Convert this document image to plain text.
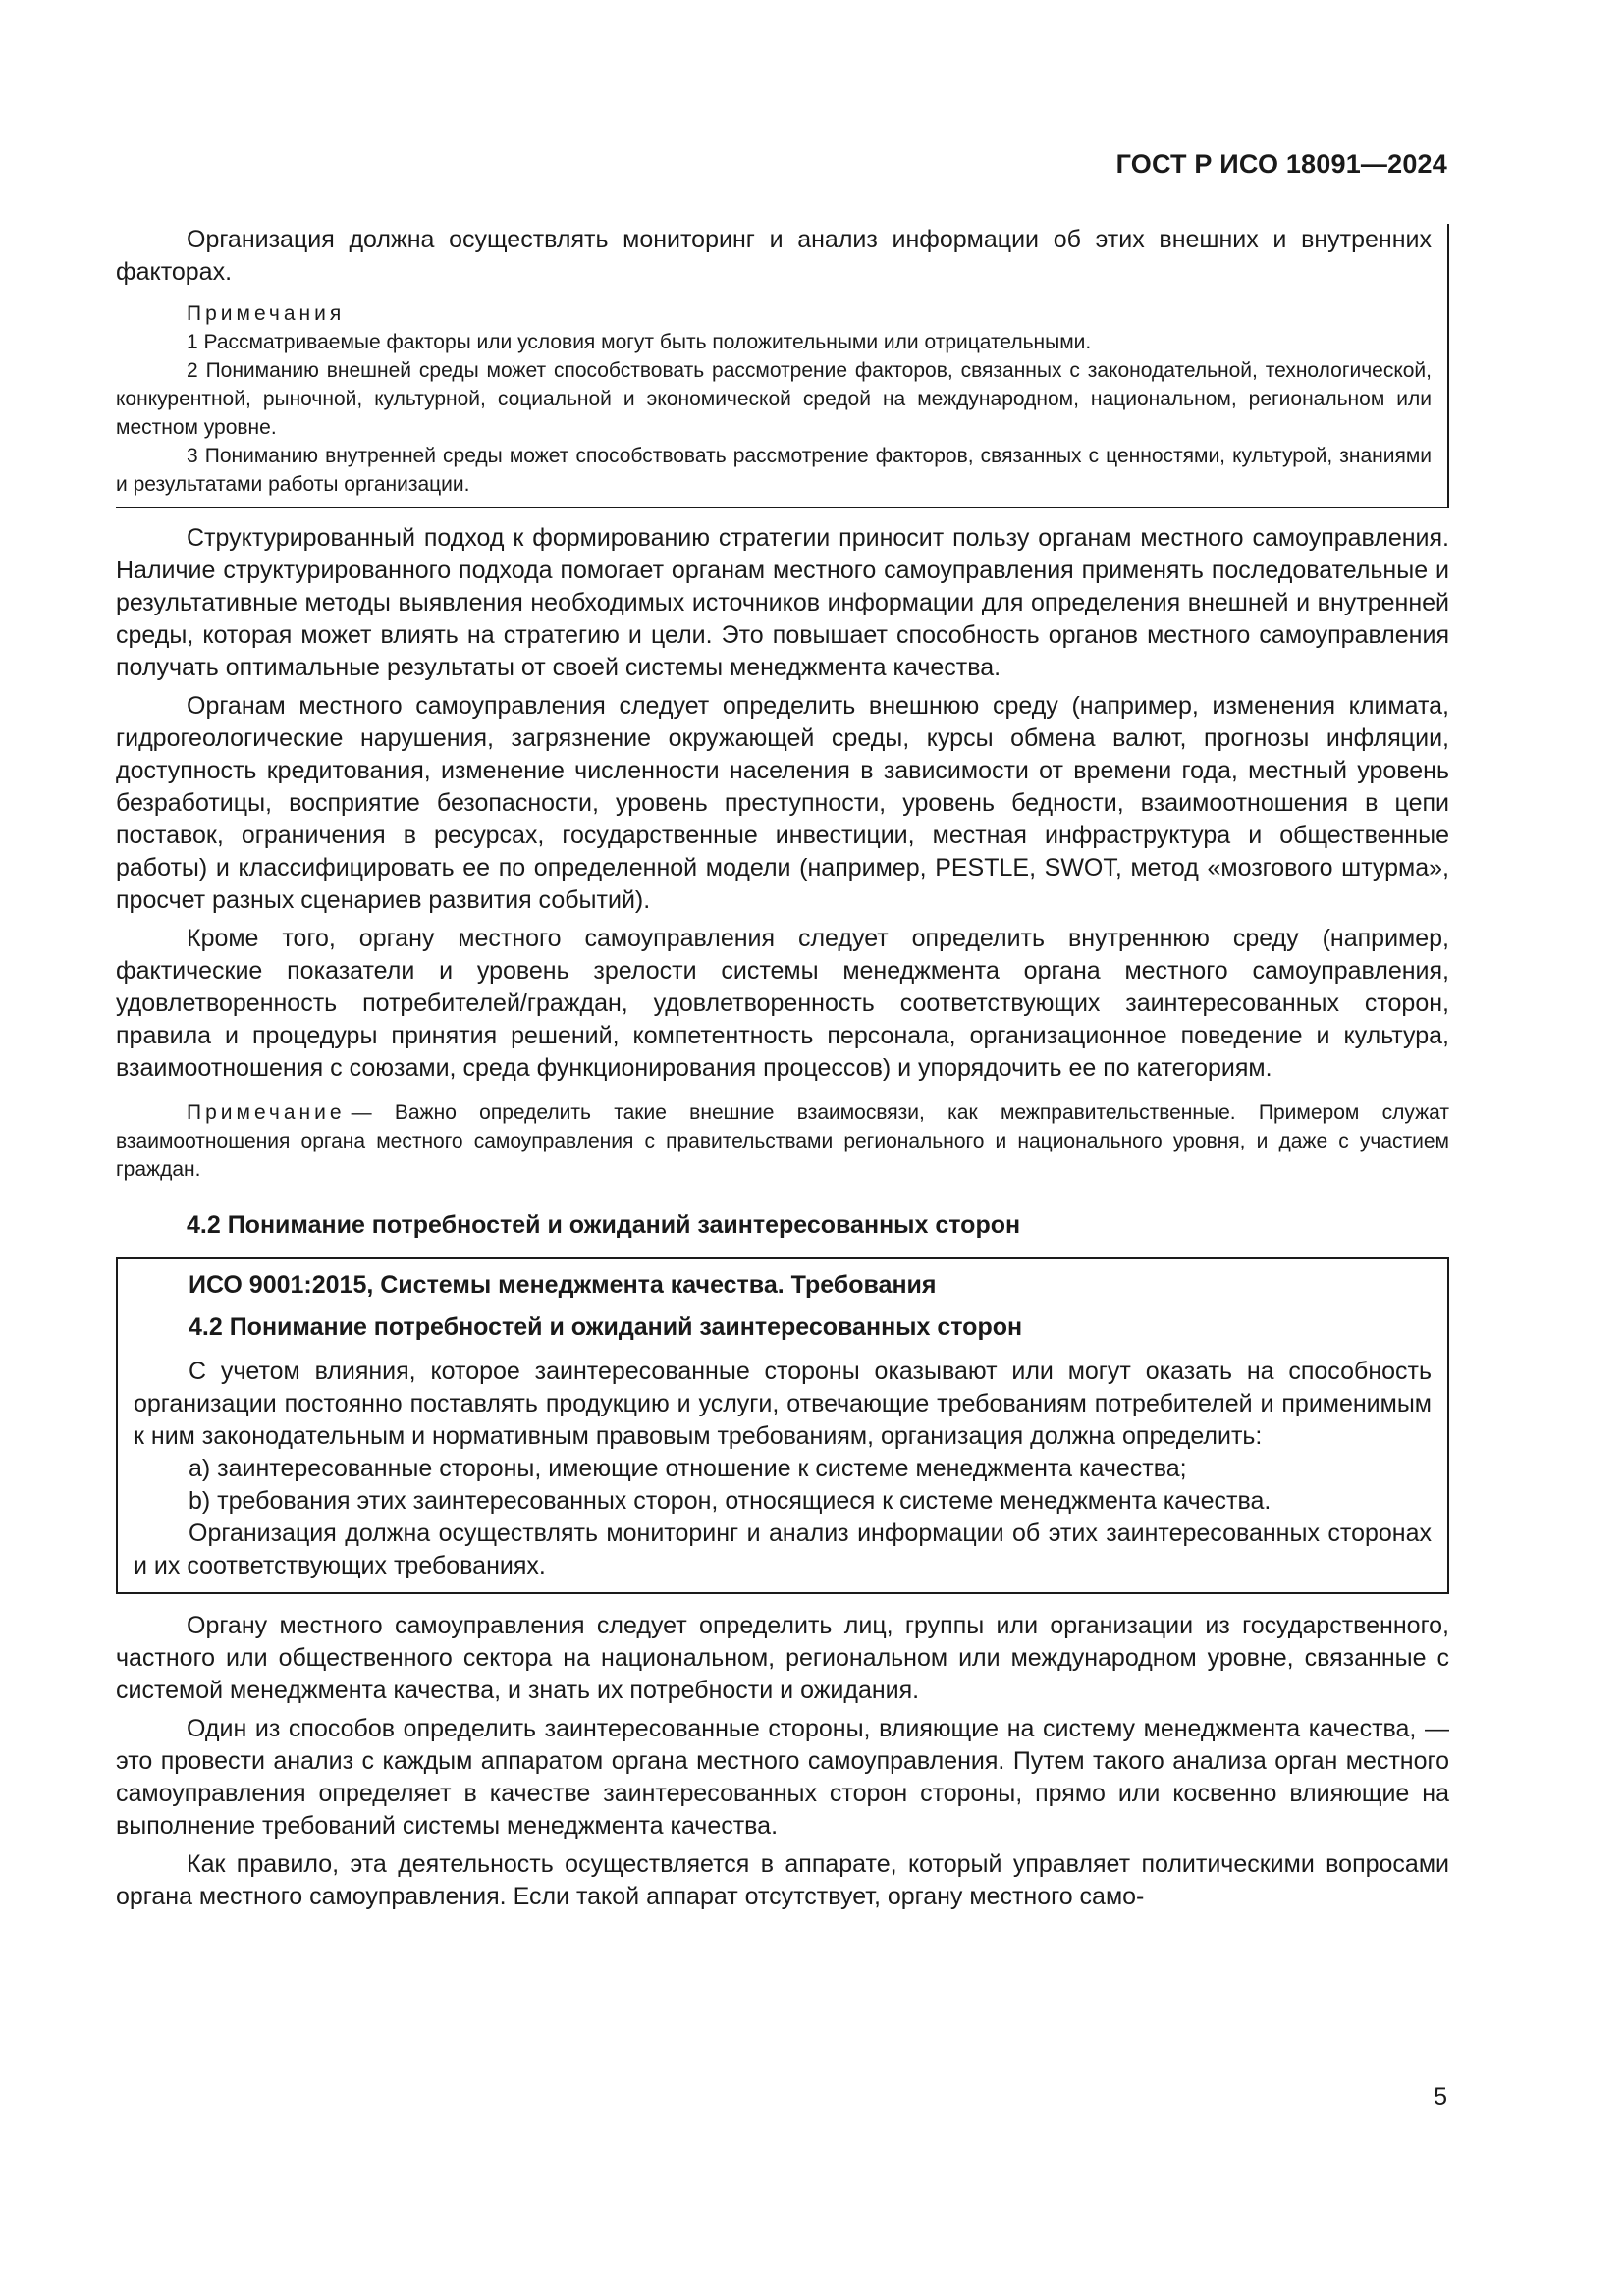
ГОСТ Р ИСО 18091—2024

Организация должна осуществлять мониторинг и анализ информации об этих внешних и внутренних факторах.

Примечания

1 Рассматриваемые факторы или условия могут быть положительными или отрицательными.

2 Пониманию внешней среды может способствовать рассмотрение факторов, связанных с законодательной, технологической, конкурентной, рыночной, культурной, социальной и экономической средой на международном, национальном, региональном или местном уровне.

3 Пониманию внутренней среды может способствовать рассмотрение факторов, связанных с ценностями, культурой, знаниями и результатами работы организации.

Структурированный подход к формированию стратегии приносит пользу органам местного самоуправления. Наличие структурированного подхода помогает органам местного самоуправления применять последовательные и результативные методы выявления необходимых источников информации для определения внешней и внутренней среды, которая может влиять на стратегию и цели. Это повышает способность органов местного самоуправления получать оптимальные результаты от своей системы менеджмента качества.

Органам местного самоуправления следует определить внешнюю среду (например, изменения климата, гидрогеологические нарушения, загрязнение окружающей среды, курсы обмена валют, прогнозы инфляции, доступность кредитования, изменение численности населения в зависимости от времени года, местный уровень безработицы, восприятие безопасности, уровень преступности, уровень бедности, взаимоотношения в цепи поставок, ограничения в ресурсах, государственные инвестиции, местная инфраструктура и общественные работы) и классифицировать ее по определенной модели (например, PESTLE, SWOT, метод «мозгового штурма», просчет разных сценариев развития событий).

Кроме того, органу местного самоуправления следует определить внутреннюю среду (например, фактические показатели и уровень зрелости системы менеджмента органа местного самоуправления, удовлетворенность потребителей/граждан, удовлетворенность соответствующих заинтересованных сторон, правила и процедуры принятия решений, компетентность персонала, организационное поведение и культура, взаимоотношения с союзами, среда функционирования процессов) и упорядочить ее по категориям.

Примечание — Важно определить такие внешние взаимосвязи, как межправительственные. Примером служат взаимоотношения органа местного самоуправления с правительствами регионального и национального уровня, и даже с участием граждан.

4.2 Понимание потребностей и ожиданий заинтересованных сторон

ИСО 9001:2015, Системы менеджмента качества. Требования

4.2 Понимание потребностей и ожиданий заинтересованных сторон

С учетом влияния, которое заинтересованные стороны оказывают или могут оказать на способность организации постоянно поставлять продукцию и услуги, отвечающие требованиям потребителей и применимым к ним законодательным и нормативным правовым требованиям, организация должна определить:

a) заинтересованные стороны, имеющие отношение к системе менеджмента качества;

b) требования этих заинтересованных сторон, относящиеся к системе менеджмента качества.

Организация должна осуществлять мониторинг и анализ информации об этих заинтересованных сторонах и их соответствующих требованиях.

Органу местного самоуправления следует определить лиц, группы или организации из государственного, частного или общественного сектора на национальном, региональном или международном уровне, связанные с системой менеджмента качества, и знать их потребности и ожидания.

Один из способов определить заинтересованные стороны, влияющие на систему менеджмента качества, — это провести анализ с каждым аппаратом органа местного самоуправления. Путем такого анализа орган местного самоуправления определяет в качестве заинтересованных сторон стороны, прямо или косвенно влияющие на выполнение требований системы менеджмента качества.

Как правило, эта деятельность осуществляется в аппарате, который управляет политическими вопросами органа местного самоуправления. Если такой аппарат отсутствует, органу местного само-

5
